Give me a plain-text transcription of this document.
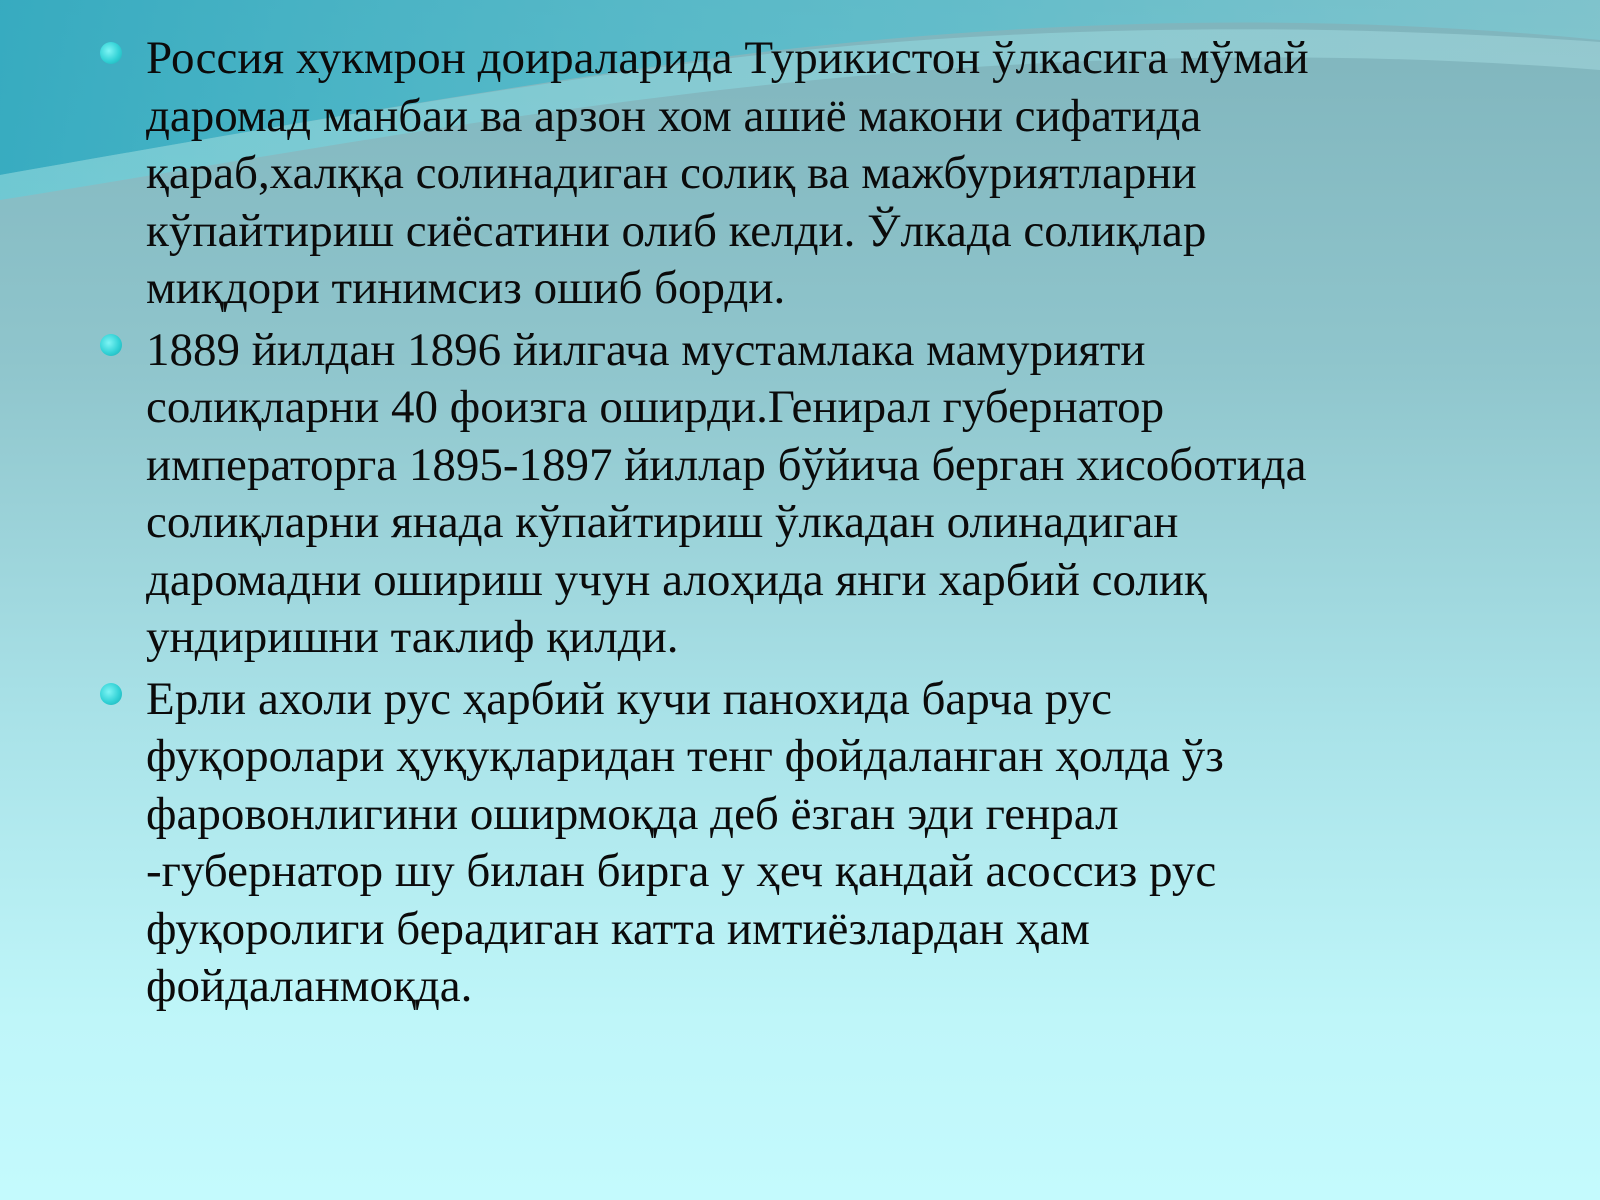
Россия хукмрон доираларида Турикистон ўлкасига мўмай
даромад манбаи ва арзон хом ашиё макони сифатида
қараб,халққа солинадиган солиқ ва мажбуриятларни
кўпайтириш сиёсатини олиб келди. Ўлкада солиқлар
миқдори тинимсиз ошиб борди.
1889 йилдан 1896 йилгача мустамлака мамурияти
солиқларни 40 фоизга оширди.Генирал губернатор
императорга 1895-1897 йиллар бўйича берган хисоботида
солиқларни янада кўпайтириш ўлкадан олинадиган
даромадни ошириш учун алоҳида янги харбий солиқ
ундиришни таклиф қилди.
Ерли ахоли рус ҳарбий кучи панохида барча рус
фуқоролари ҳуқуқларидан тенг фойдаланган ҳолда ўз
фаровонлигини оширмоқда деб ёзган эди генрал
-губернатор шу билан бирга у ҳеч қандай асоссиз рус
фуқоролиги берадиган катта имтиёзлардан ҳам
фойдаланмоқда.
